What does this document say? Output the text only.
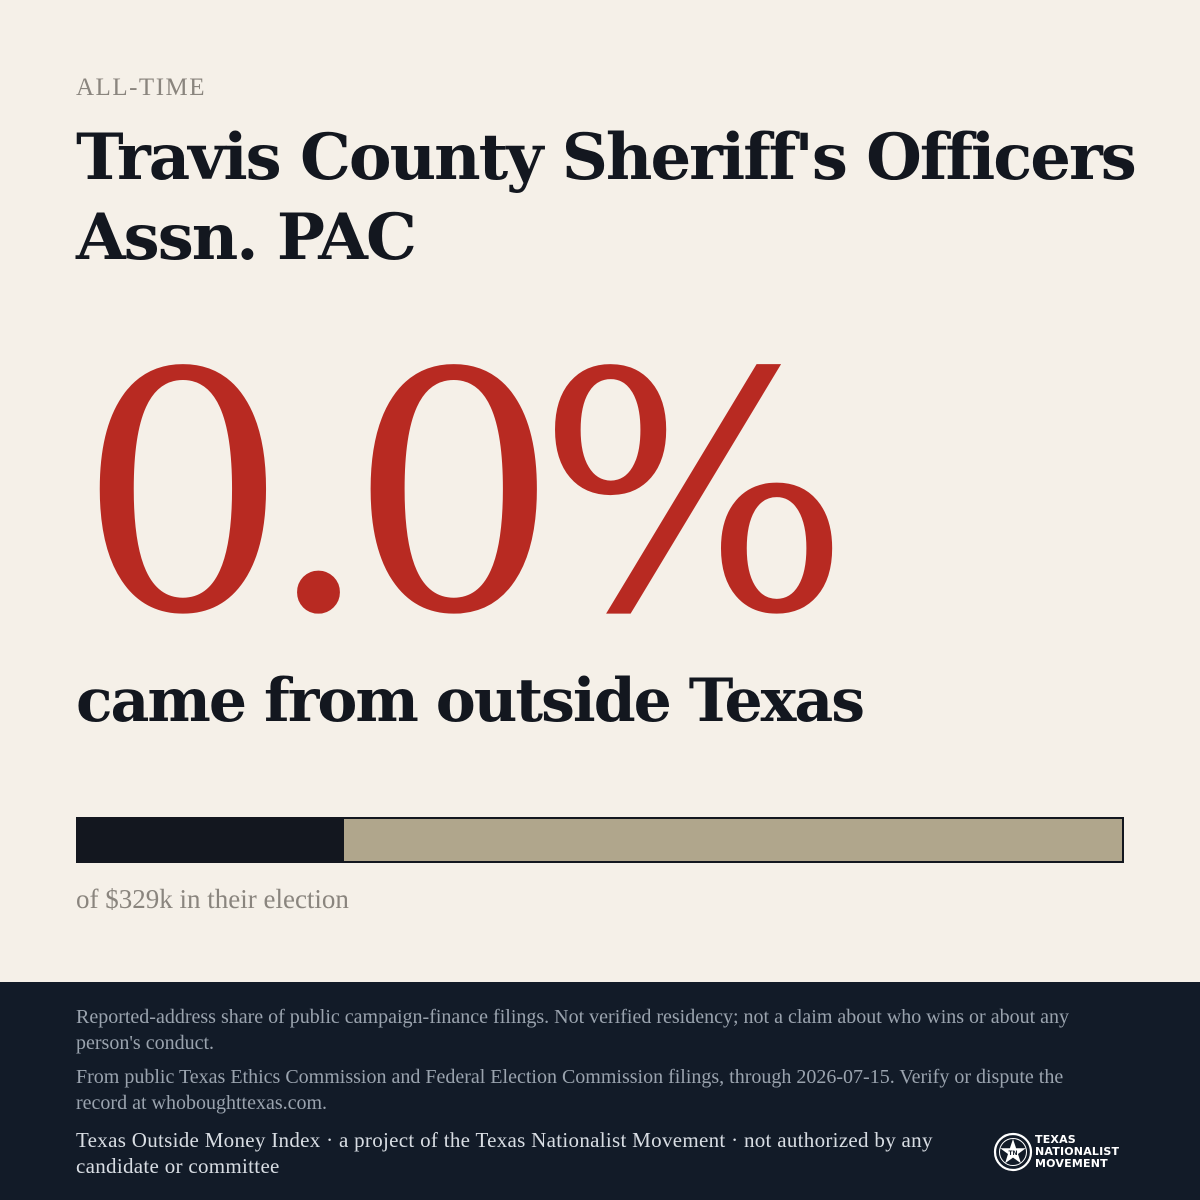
ALL-TIME

Travis County Sheriff's Officers Assn. PAC
0.0%
came from outside Texas

of $329k in their election

Reported-address share of public campaign-finance filings. Not verified residency; not a claim about who wins or about any person's conduct.

From public Texas Ethics Commission and Federal Election Commission filings, through 2026-07-15. Verify or dispute the record at whoboughttexas.com.

Texas Outside Money Index · a project of the Texas Nationalist Movement · not authorized by any candidate or committee

TN
TEXAS
NATIONALIST
MOVEMENT
